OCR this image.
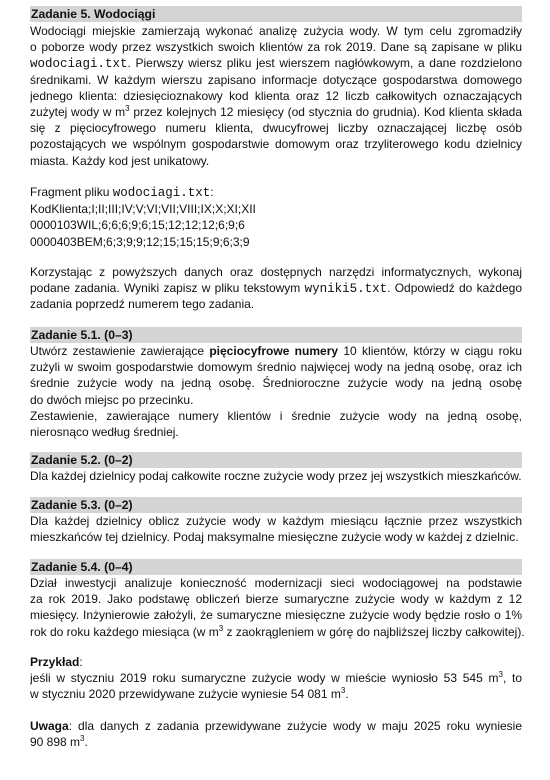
Zadanie 5. Wodociągi
Wodociągi miejskie zamierzają wykonać analizę zużycia wody. W tym celu zgromadziły
o poborze wody przez wszystkich swoich klientów za rok 2019. Dane są zapisane w pliku
wodociagi.txt. Pierwszy wiersz pliku jest wierszem nagłówkowym, a dane rozdzielono
średnikami. W każdym wierszu zapisano informacje dotyczące gospodarstwa domowego
jednego klienta: dziesięcioznakowy kod klienta oraz 12 liczb całkowitych oznaczających
zużytej wody w $m^3$ przez kolejnych 12 miesięcy (od stycznia do grudnia). Kod klienta składa
się z pięciocyfrowego numeru klienta, dwucyfrowej liczby oznaczającej liczbę osób
pozostających we wspólnym gospodarstwie domowym oraz trzyliterowego kodu dzielnicy
miasta. Każdy kod jest unikatowy.
Fragment pliku wodociagi.txt:
KodKlienta;I;II;III;IV;V;VI;VII;VIII;IX;X;XI;XII
0000103WIL;6;6;6;9;6;15;12;12;12;6;9;6
0000403BEM;6;3;9;9;12;15;15;15;9;6;3;9
Korzystając z powyższych danych oraz dostępnych narzędzi informatycznych, wykonaj
podane zadania. Wyniki zapisz w pliku tekstowym wyniki5.txt. Odpowiedź do każdego
zadania poprzedź numerem tego zadania.
Zadanie 5.1. (0–3)
Utwórz zestawienie zawierające pięciocyfrowe numery 10 klientów, którzy w ciągu roku
zużyli w swoim gospodarstwie domowym średnio najwięcej wody na jedną osobę, oraz ich
średnie zużycie wody na jedną osobę. Średnioroczne zużycie wody na jedną osobę
do dwóch miejsc po przecinku.
Zestawienie, zawierające numery klientów i średnie zużycie wody na jedną osobę,
nierosnąco według średniej.
Zadanie 5.2. (0–2)
Dla każdej dzielnicy podaj całkowite roczne zużycie wody przez jej wszystkich mieszkańców.
Zadanie 5.3. (0–2)
Dla każdej dzielnicy oblicz zużycie wody w każdym miesiącu łącznie przez wszystkich
mieszkańców tej dzielnicy. Podaj maksymalne miesięczne zużycie wody w każdej z dzielnic.
Zadanie 5.4. (0–4)
Dział inwestycji analizuje konieczność modernizacji sieci wodociągowej na podstawie
za rok 2019. Jako podstawę obliczeń bierze sumaryczne zużycie wody w każdym z 12
miesięcy. Inżynierowie założyli, że sumaryczne miesięczne zużycie wody będzie rosło o 1%
rok do roku każdego miesiąca (w $m^3$ z zaokrągleniem w górę do najbliższej liczby całkowitej).
Przykład:
jeśli w styczniu 2019 roku sumaryczne zużycie wody w mieście wyniosło 53 545 $m^3$, to
w styczniu 2020 przewidywane zużycie wyniesie 54 081 $m^3$.
Uwaga: dla danych z zadania przewidywane zużycie wody w maju 2025 roku wyniesie
90 898 $m^3$.
